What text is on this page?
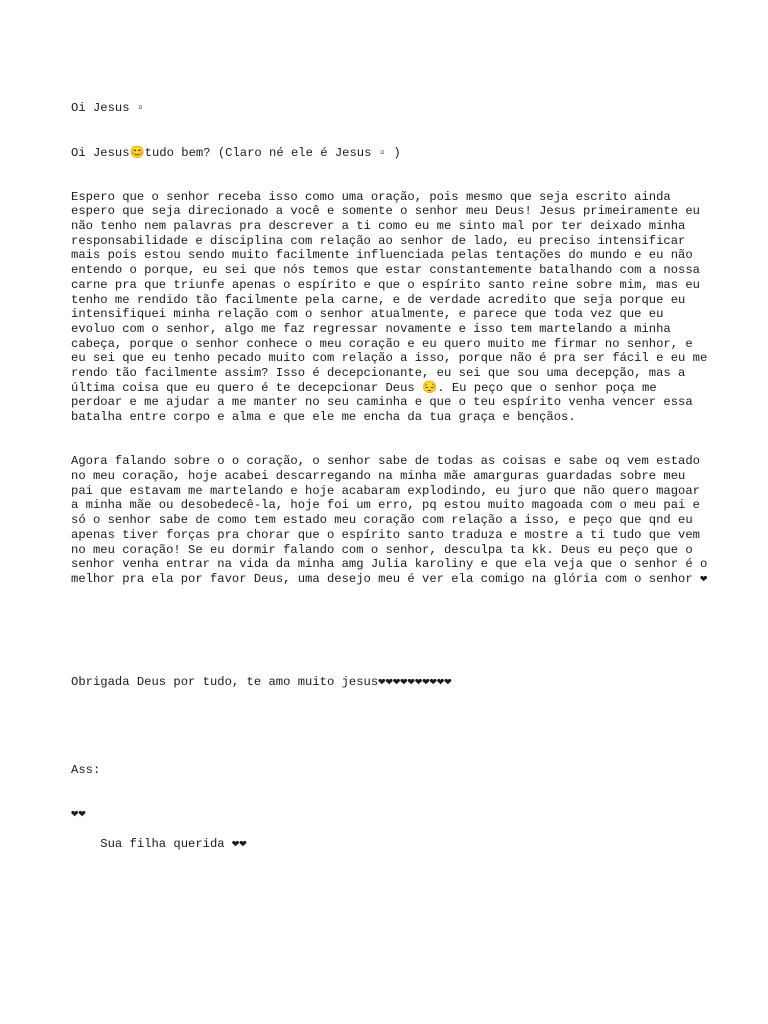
Oi Jesus ▫

Oi Jesus😊tudo bem? (Claro né ele é Jesus ▫ )

Espero que o senhor receba isso como uma oração, pois mesmo que seja escrito ainda espero que seja direcionado a você e somente o senhor meu Deus! Jesus primeiramente eu não tenho nem palavras pra descrever a ti como eu me sinto mal por ter deixado minha responsabilidade e disciplina com relação ao senhor de lado, eu preciso intensificar mais pois estou sendo muito facilmente influenciada pelas tentações do mundo e eu não entendo o porque, eu sei que nós temos que estar constantemente batalhando com a nossa carne pra que triunfe apenas o espírito e que o espírito santo reine sobre mim, mas eu tenho me rendido tão facilmente pela carne, e de verdade acredito que seja porque eu intensifiquei minha relação com o senhor atualmente, e parece que toda vez que eu evoluo com o senhor, algo me faz regressar novamente e isso tem martelando a minha cabeça, porque o senhor conhece o meu coração e eu quero muito me firmar no senhor, e eu sei que eu tenho pecado muito com relação a isso, porque não é pra ser fácil e eu me rendo tão facilmente assim? Isso é decepcionante, eu sei que sou uma decepção, mas a última coisa que eu quero é te decepcionar Deus 😔. Eu peço que o senhor poça me perdoar e me ajudar a me manter no seu caminha e que o teu espírito venha vencer essa batalha entre corpo e alma e que ele me encha da tua graça e bençãos.

Agora falando sobre o o coração, o senhor sabe de todas as coisas e sabe oq vem estado no meu coração, hoje acabei descarregando na minha mãe amarguras guardadas sobre meu pai que estavam me martelando e hoje acabaram explodindo, eu juro que não quero magoar a minha mãe ou desobedecê-la, hoje foi um erro, pq estou muito magoada com o meu pai e só o senhor sabe de como tem estado meu coração com relação a isso, e peço que qnd eu apenas tiver forças pra chorar que o espírito santo traduza e mostre a ti tudo que vem no meu coração! Se eu dormir falando com o senhor, desculpa ta kk. Deus eu peço que o senhor venha entrar na vida da minha amg Julia karoliny e que ela veja que o senhor é o melhor pra ela por favor Deus, uma desejo meu é ver ela comigo na glória com o senhor ❤

Obrigada Deus por tudo, te amo muito jesus❤❤❤❤❤❤❤❤❤❤

Ass:

❤❤

Sua filha querida ❤❤
